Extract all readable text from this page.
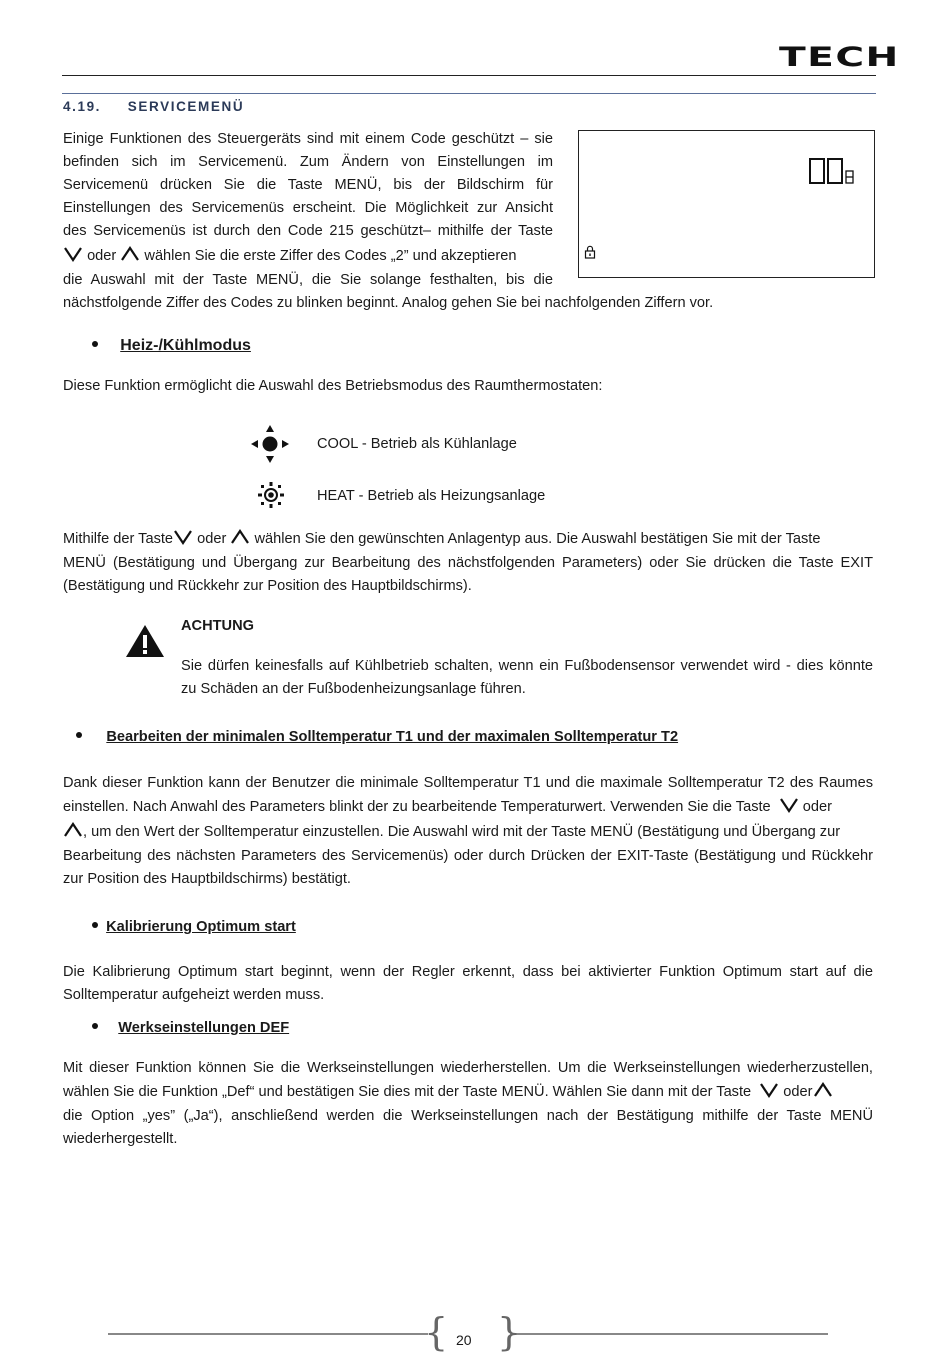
TECH
4.19. SERVICEMENÜ
Einige Funktionen des Steuergeräts sind mit einem Code geschützt – sie
befinden sich im Servicemenü. Zum Ändern von Einstellungen im
Servicemenü drücken Sie die Taste MENÜ, bis der Bildschirm für
Einstellungen des Servicemenüs erscheint. Die Möglichkeit zur Ansicht
des Servicemenüs ist durch den Code 215 geschützt– mithilfe der Taste
oder wählen Sie die erste Ziffer des Codes „2” und akzeptieren
die Auswahl mit der Taste MENÜ, die Sie solange festhalten, bis die
nächstfolgende Ziffer des Codes zu blinken beginnt. Analog gehen Sie bei nachfolgenden Ziffern vor.
Heiz-/Kühlmodus
Diese Funktion ermöglicht die Auswahl des Betriebsmodus des Raumthermostaten:
COOL - Betrieb als Kühlanlage
HEAT - Betrieb als Heizungsanlage
Mithilfe der Taste oder wählen Sie den gewünschten Anlagentyp aus. Die Auswahl bestätigen Sie mit der Taste
MENÜ (Bestätigung und Übergang zur Bearbeitung des nächstfolgenden Parameters) oder Sie drücken die Taste EXIT
(Bestätigung und Rückkehr zur Position des Hauptbildschirms).
ACHTUNG
Sie dürfen keinesfalls auf Kühlbetrieb schalten, wenn ein Fußbodensensor verwendet wird - dies könnte
zu Schäden an der Fußbodenheizungsanlage führen.
Bearbeiten der minimalen Solltemperatur T1 und der maximalen Solltemperatur T2
Dank dieser Funktion kann der Benutzer die minimale Solltemperatur T1 und die maximale Solltemperatur T2 des Raumes
einstellen. Nach Anwahl des Parameters blinkt der zu bearbeitende Temperaturwert. Verwenden Sie die Taste oder
, um den Wert der Solltemperatur einzustellen. Die Auswahl wird mit der Taste MENÜ (Bestätigung und Übergang zur
Bearbeitung des nächsten Parameters des Servicemenüs) oder durch Drücken der EXIT-Taste (Bestätigung und Rückkehr
zur Position des Hauptbildschirms) bestätigt.
Kalibrierung Optimum start
Die Kalibrierung Optimum start beginnt, wenn der Regler erkennt, dass bei aktivierter Funktion Optimum start auf die
Solltemperatur aufgeheizt werden muss.
Werkseinstellungen DEF
Mit dieser Funktion können Sie die Werkseinstellungen wiederherstellen. Um die Werkseinstellungen wiederherzustellen,
wählen Sie die Funktion „Def“ und bestätigen Sie dies mit der Taste MENÜ. Wählen Sie dann mit der Taste oder
die Option „yes” („Ja“), anschließend werden die Werkseinstellungen nach der Bestätigung mithilfe der Taste MENÜ
wiederhergestellt.
{ }
20
